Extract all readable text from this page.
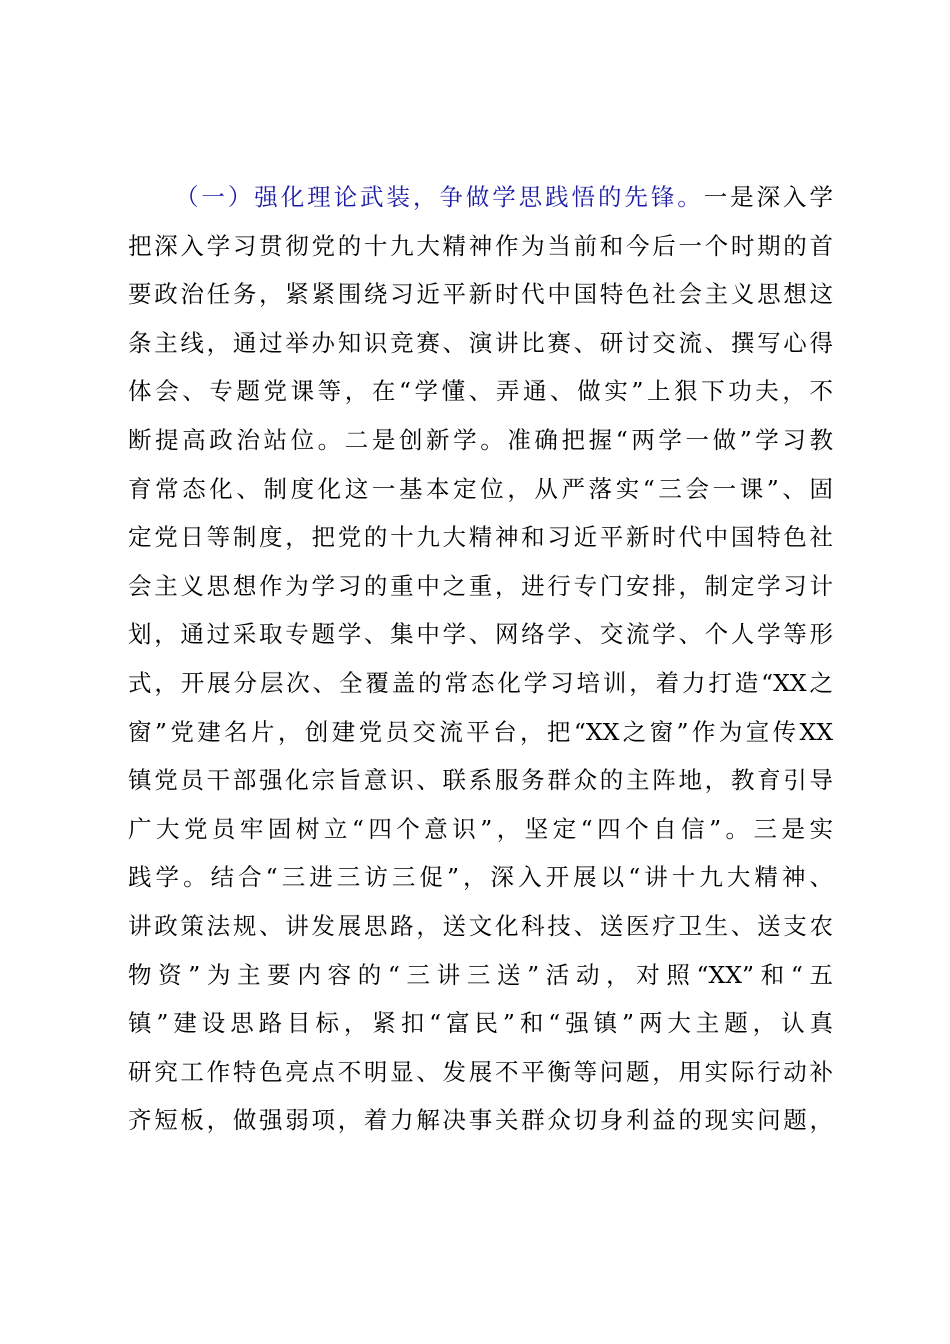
（一）强化理论武装，争做学思践悟的先锋。一是深入学
把深入学习贯彻党的十九大精神作为当前和今后一个时期的首
要政治任务，紧紧围绕习近平新时代中国特色社会主义思想这
条主线，通过举办知识竞赛、演讲比赛、研讨交流、撰写心得
体会、专题党课等，在“学懂、弄通、做实”上狠下功夫，不
断提高政治站位。二是创新学。准确把握“两学一做”学习教
育常态化、制度化这一基本定位，从严落实“三会一课”、固
定党日等制度，把党的十九大精神和习近平新时代中国特色社
会主义思想作为学习的重中之重，进行专门安排，制定学习计
划，通过采取专题学、集中学、网络学、交流学、个人学等形
式，开展分层次、全覆盖的常态化学习培训，着力打造“XX之
窗”党建名片，创建党员交流平台，把“XX之窗”作为宣传XX
镇党员干部强化宗旨意识、联系服务群众的主阵地，教育引导
广大党员牢固树立“四个意识”，坚定“四个自信”。三是实
践学。结合“三进三访三促”，深入开展以“讲十九大精神、
讲政策法规、讲发展思路，送文化科技、送医疗卫生、送支农
物资”为主要内容的“三讲三送”活动，对照“XX”和“五
镇”建设思路目标，紧扣“富民”和“强镇”两大主题，认真
研究工作特色亮点不明显、发展不平衡等问题，用实际行动补
齐短板，做强弱项，着力解决事关群众切身利益的现实问题，
